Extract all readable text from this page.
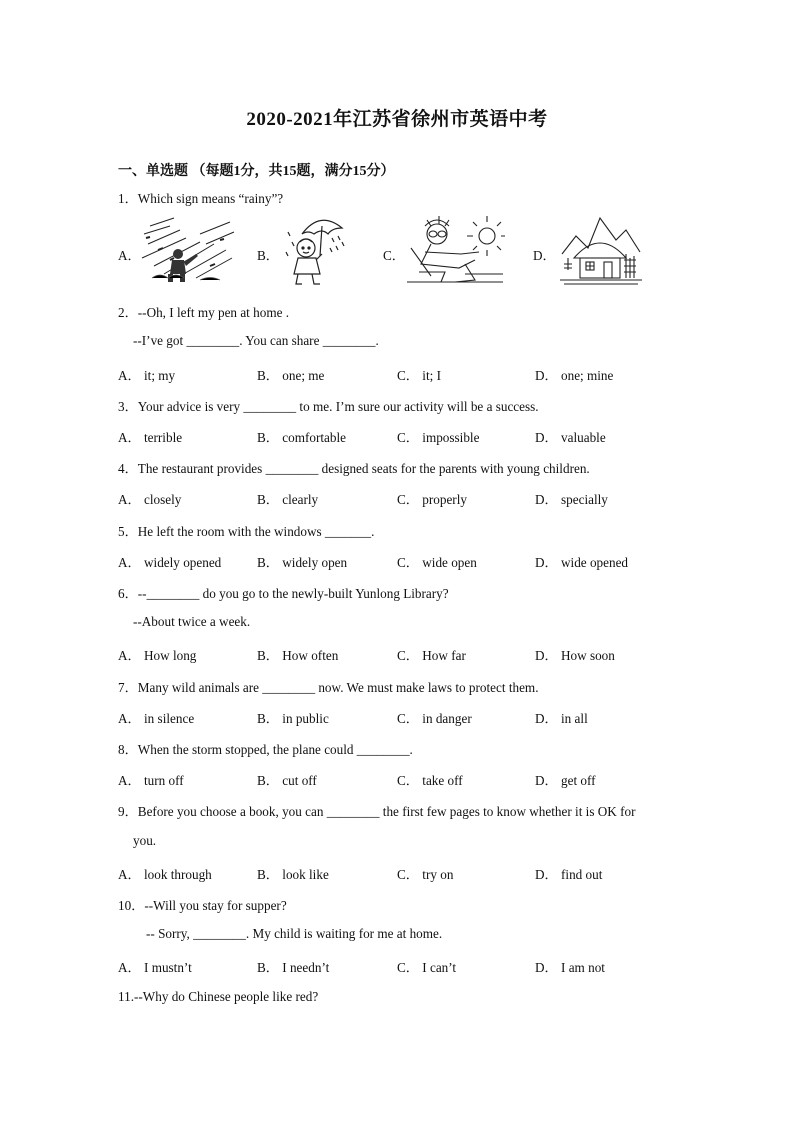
2020-2021年江苏省徐州市英语中考
一、单选题 （每题1分，共15题，满分15分）
1．Which sign means “rainy”?
A．	B．	C．	D．
2．--Oh, I left my pen at home .
--I’ve got ________. You can share ________.
A． it; my	B． one; me	C． it; I	D． one; mine
3．Your advice is very ________ to me. I’m sure our activity will be a success.
A． terrible	B． comfortable	C． impossible	D． valuable
4．The restaurant provides ________ designed seats for the parents with young children.
A． closely	B． clearly	C． properly	D． specially
5．He left the room with the windows _______.
A． widely opened	B． widely open	C． wide open	D． wide opened
6．--________ do you go to the newly-built Yunlong Library?
--About twice a week.
A． How long	B． How often	C． How far	D． How soon
7．Many wild animals are ________ now. We must make laws to protect them.
A． in silence	B． in public	C． in danger	D． in all
8．When the storm stopped, the plane could ________.
A． turn off	B． cut off	C． take off	D． get off
9．Before you choose a book, you can ________ the first few pages to know whether it is OK for
you.
A． look through	B． look like	C． try on	D． find out
10．--Will you stay for supper?
-- Sorry, ________. My child is waiting for me at home.
A． I mustn’t	B． I needn’t	C． I can’t	D． I am not
11.--Why do Chinese people like red?
